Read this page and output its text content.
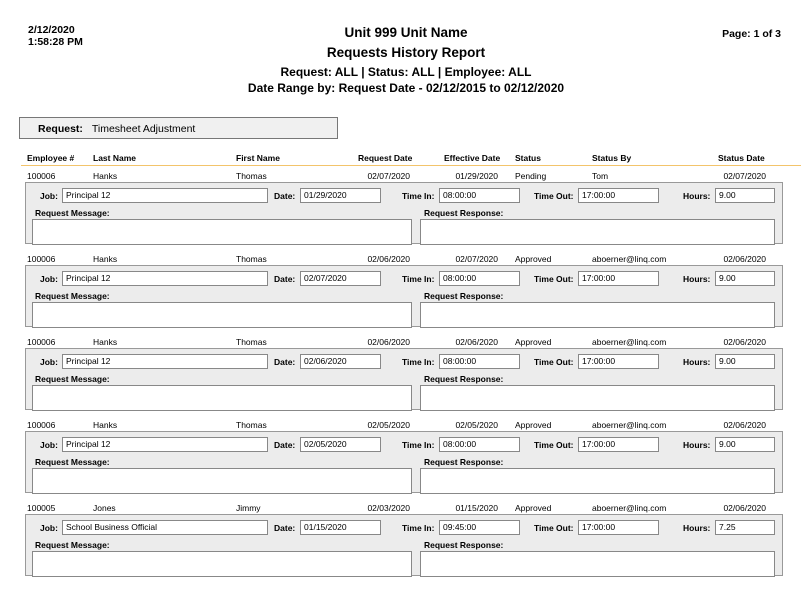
2/12/2020
1:58:28 PM
Page: 1 of 3
Unit 999 Unit Name
Requests History Report
Request: ALL | Status: ALL | Employee: ALL
Date Range by: Request Date - 02/12/2015 to 02/12/2020
Request: Timesheet Adjustment
Employee # Last Name	First Name	Request Date	Effective Date Status	Status By	Status Date
100006	Hanks	Thomas	02/07/2020	01/29/2020 Pending	Tom	02/07/2020
Job: Principal 12	Date:	01/29/2020	Time In:	08:00:00	Time Out: 17:00:00	Hours:	9.00
Request Message:	Request Response:
100006	Hanks	Thomas	02/06/2020	02/07/2020 Approved	aboerner@linq.com	02/06/2020
Job: Principal 12	Date:	02/07/2020	Time In:	08:00:00	Time Out: 17:00:00	Hours:	9.00
Request Message:	Request Response:
100006	Hanks	Thomas	02/06/2020	02/06/2020 Approved	aboerner@linq.com	02/06/2020
Job: Principal 12	Date:	02/06/2020	Time In:	08:00:00	Time Out: 17:00:00	Hours:	9.00
Request Message:	Request Response:
100006	Hanks	Thomas	02/05/2020	02/05/2020 Approved	aboerner@linq.com	02/06/2020
Job: Principal 12	Date:	02/05/2020	Time In:	08:00:00	Time Out: 17:00:00	Hours:	9.00
Request Message:	Request Response:
100005	Jones	Jimmy	02/03/2020	01/15/2020 Approved	aboerner@linq.com	02/06/2020
Job: School Business Official	Date:	01/15/2020	Time In:	09:45:00	Time Out: 17:00:00	Hours:	7.25
Request Message:	Request Response:
